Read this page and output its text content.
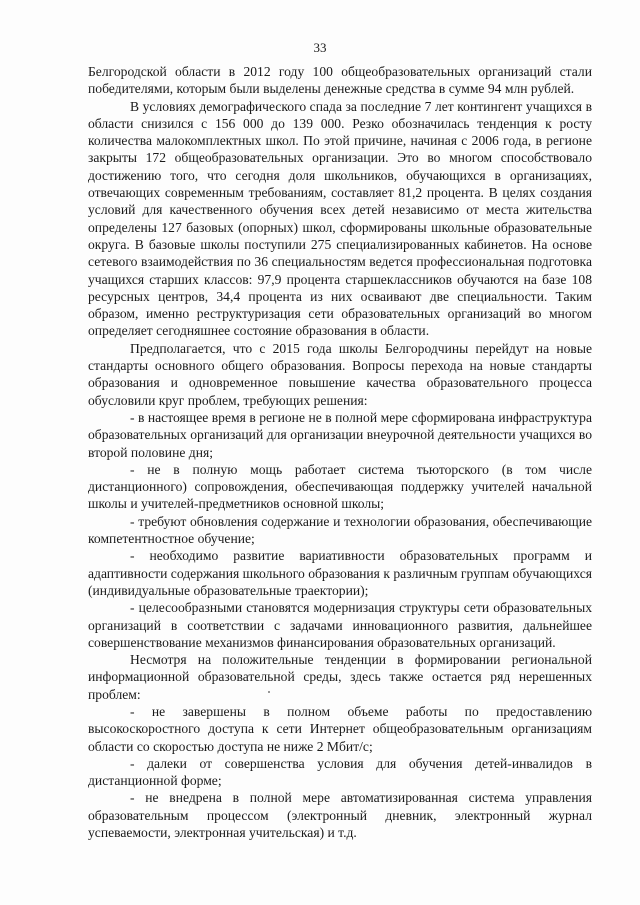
33

Белгородской области в 2012 году 100 общеобразовательных организаций стали победителями, которым были выделены денежные средства в сумме 94 млн рублей.

В условиях демографического спада за последние 7 лет контингент учащихся в области снизился с 156 000 до 139 000. Резко обозначилась тенденция к росту количества малокомплектных школ. По этой причине, начиная с 2006 года, в регионе закрыты 172 общеобразовательных организации. Это во многом способствовало достижению того, что сегодня доля школьников, обучающихся в организациях, отвечающих современным требованиям, составляет 81,2 процента. В целях создания условий для качественного обучения всех детей независимо от места жительства определены 127 базовых (опорных) школ, сформированы школьные образовательные округа. В базовые школы поступили 275 специализированных кабинетов. На основе сетевого взаимодействия по 36 специальностям ведется профессиональная подготовка учащихся старших классов: 97,9 процента старшеклассников обучаются на базе 108 ресурсных центров, 34,4 процента из них осваивают две специальности. Таким образом, именно реструктуризация сети образовательных организаций во многом определяет сегодняшнее состояние образования в области.

Предполагается, что с 2015 года школы Белгородчины перейдут на новые стандарты основного общего образования. Вопросы перехода на новые стандарты образования и одновременное повышение качества образовательного процесса обусловили круг проблем, требующих решения:

- в настоящее время в регионе не в полной мере сформирована инфраструктура образовательных организаций для организации внеурочной деятельности учащихся во второй половине дня;

- не в полную мощь работает система тьюторского (в том числе дистанционного) сопровождения, обеспечивающая поддержку учителей начальной школы и учителей-предметников основной школы;

- требуют обновления содержание и технологии образования, обеспечивающие компетентностное обучение;

- необходимо развитие вариативности образовательных программ и адаптивности содержания школьного образования к различным группам обучающихся (индивидуальные образовательные траектории);

- целесообразными становятся модернизация структуры сети образовательных организаций в соответствии с задачами инновационного развития, дальнейшее совершенствование механизмов финансирования образовательных организаций.

Несмотря на положительные тенденции в формировании региональной информационной образовательной среды, здесь также остается ряд нерешенных проблем:

- не завершены в полном объеме работы по предоставлению высокоскоростного доступа к сети Интернет общеобразовательным организациям области со скоростью доступа не ниже 2 Мбит/с;

- далеки от совершенства условия для обучения детей-инвалидов в дистанционной форме;

- не внедрена в полной мере автоматизированная система управления образовательным процессом (электронный дневник, электронный журнал успеваемости, электронная учительская) и т.д.
